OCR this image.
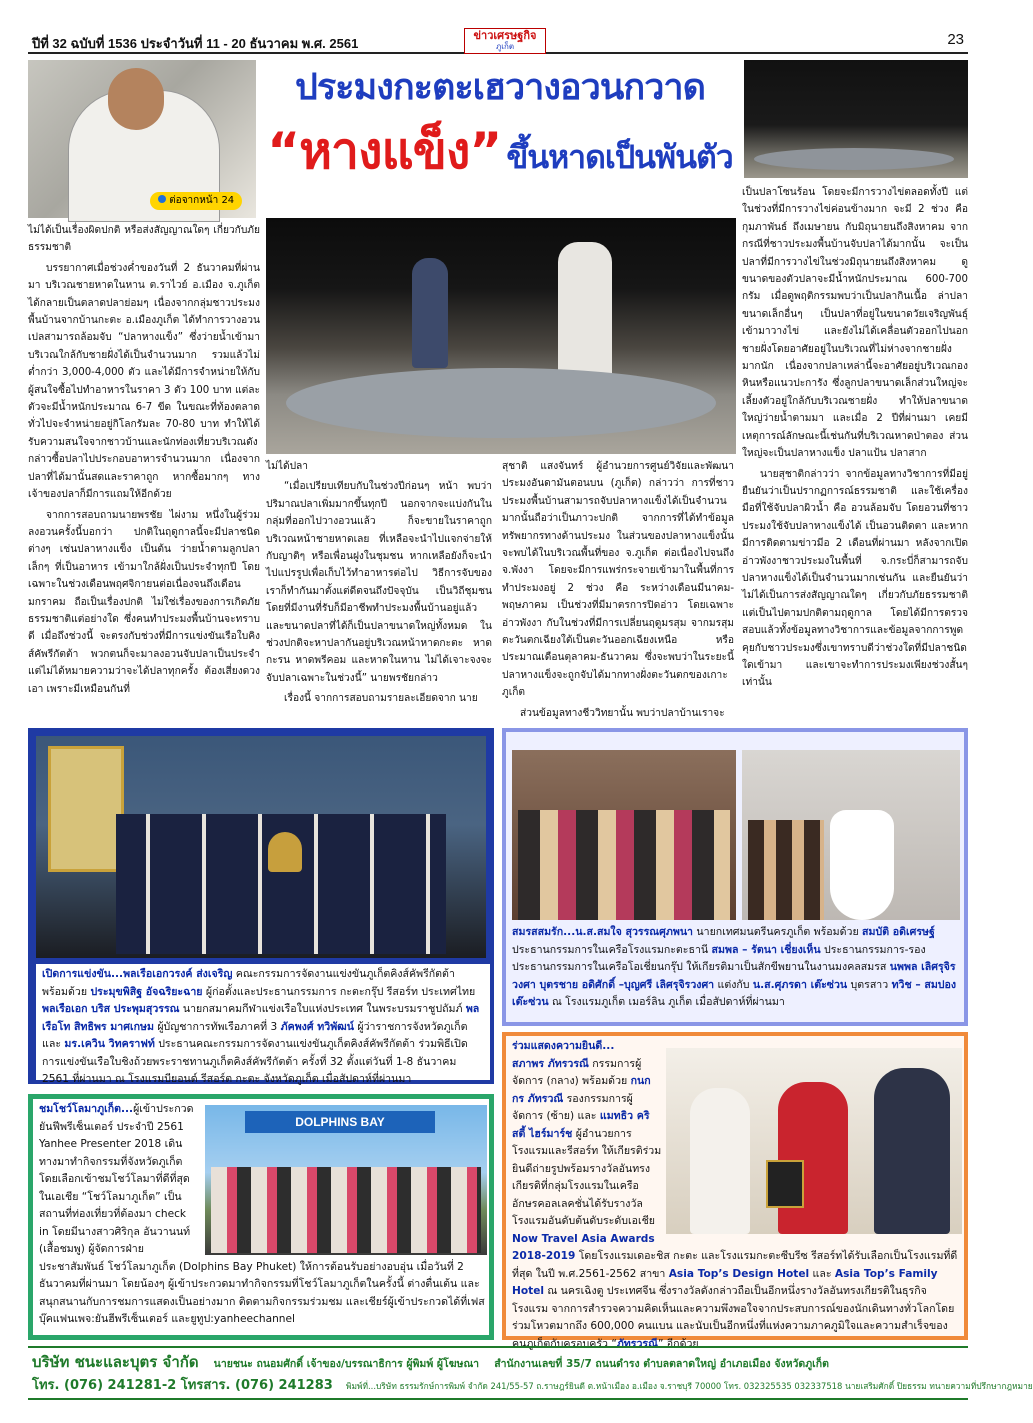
ปีที่ 32 ฉบับที่ 1536 ประจำวันที่ 11 - 20 ธันวาคม พ.ศ. 2561
ข่าวเศรษฐกิจ
ภูเก็ต	23
ต่อจากหน้า 24
ประมงกะตะเฮวางอวนกวาด
“หางแข็ง” ขึ้นหาดเป็นพันตัว

ไม่ได้เป็นเรื่องผิดปกติ หรือส่งสัญญาณใดๆ เกี่ยวกับภัยธรรมชาติ

บรรยากาศเมื่อช่วงค่ำของวันที่ 2 ธันวาคมที่ผ่านมา บริเวณชายหาดในหาน ต.ราไวย์ อ.เมือง จ.ภูเก็ต ได้กลายเป็นตลาดปลาย่อมๆ เนื่องจากกลุ่มชาวประมงพื้นบ้านจากบ้านกะตะ อ.เมืองภูเก็ต ได้ทำการวางอวนเปลสามารถล้อมจับ “ปลาหางแข็ง” ซึ่งว่ายน้ำเข้ามาบริเวณใกล้กับชายฝั่งได้เป็นจำนวนมาก รวมแล้วไม่ต่ำกว่า 3,000-4,000 ตัว และได้มีการจำหน่ายให้กับผู้สนใจซื้อไปทำอาหารในราคา 3 ตัว 100 บาท แต่ละตัวจะมีน้ำหนักประมาณ 6-7 ขีด ในขณะที่ท้องตลาดทั่วไปจะจำหน่ายอยู่กิโลกรัมละ 70-80 บาท ทำให้ได้รับความสนใจจากชาวบ้านและนักท่องเที่ยวบริเวณดังกล่าวซื้อปลาไปประกอบอาหารจำนวนมาก เนื่องจากปลาที่ได้มานั้นสดและราคาถูก หากซื้อมากๆ ทางเจ้าของปลาก็มีการแถมให้อีกด้วย

จากการสอบถามนายพรชัย ไผ่งาม หนึ่งในผู้ร่วมลงอวนครั้งนี้บอกว่า ปกติในฤดูกาลนี้จะมีปลาชนิดต่างๆ เช่นปลาหางแข็ง เป็นต้น ว่ายน้ำตามลูกปลาเล็กๆ ที่เป็นอาหาร เข้ามาใกล้ฝั่งเป็นประจำทุกปี โดยเฉพาะในช่วงเดือนพฤศจิกายนต่อเนื่องจนถึงเดือนมกราคม ถือเป็นเรื่องปกติ ไม่ใช่เรื่องของการเกิดภัยธรรมชาติแต่อย่างใด ซึ่งคนทำประมงพื้นบ้านจะทราบดี เมื่อถึงช่วงนี้ จะตรงกับช่วงที่มีการแข่งขันเรือใบคิงส์คัพรีกัตต้า พวกตนก็จะมาลงอวนจับปลาเป็นประจำ แต่ไม่ได้หมายความว่าจะได้ปลาทุกครั้ง ต้องเสี่ยงดวงเอา เพราะมีเหมือนกันที่

ไม่ได้ปลา

“เมื่อเปรียบเทียบกับในช่วงปีก่อนๆ หน้า พบว่าปริมาณปลาเพิ่มมากขึ้นทุกปี นอกจากจะแบ่งกันในกลุ่มที่ออกไปวางอวนแล้ว ก็จะขายในราคาถูกบริเวณหน้าชายหาดเลย ที่เหลือจะนำไปแจกจ่ายให้กับญาติๆ หรือเพื่อนฝูงในชุมชน หากเหลือยังก็จะนำไปแปรรูปเพื่อเก็บไว้ทำอาหารต่อไป วิธีการจับของเราก็ทำกันมาตั้งแต่ดีตจนถึงปัจจุบัน เป็นวิถีชุมชน โดยที่มีงานที่รับก็มีอาชีพทำประมงพื้นบ้านอยู่แล้ว และขนาดปลาที่ได้ก็เป็นปลาขนาดใหญ่ทั้งหมด ในช่วงปกติจะหาปลากันอยู่บริเวณหน้าหาดกะตะ หาดกะรน หาดพรีคอม และหาดในหาน ไม่ได้เจาะจงจะจับปลาเฉพาะในช่วงนี้” นายพรชัยกล่าว

เรื่องนี้ จากการสอบถามรายละเอียดจาก นาย

สุชาติ แสงจันทร์ ผู้อำนวยการศูนย์วิจัยและพัฒนาประมงอันดามันตอนบน (ภูเก็ต) กล่าวว่า การที่ชาวประมงพื้นบ้านสามารถจับปลาหางแข็งได้เป็นจำนวนมากนั้นถือว่าเป็นภาวะปกติ จากการที่ได้ทำข้อมูลทรัพยากรทางด้านประมง ในส่วนของปลาหางแข็งนั้นจะพบได้ในบริเวณพื้นที่ของ จ.ภูเก็ต ต่อเนื่องไปจนถึง จ.พังงา โดยจะมีการแพร่กระจายเข้ามาในพื้นที่การทำประมงอยู่ 2 ช่วง คือ ระหว่างเดือนมีนาคม-พฤษภาคม เป็นช่วงที่มีมาตรการปิดอ่าว โดยเฉพาะอ่าวพังงา กับในช่วงที่มีการเปลี่ยนฤดูมรสุม จากมรสุมตะวันตกเฉียงใต้เป็นตะวันออกเฉียงเหนือ หรือประมาณเดือนตุลาคม-ธันวาคม ซึ่งจะพบว่าในระยะนี้ปลาหางแข็งจะถูกจับได้มากทางฝั่งตะวันตกของเกาะภูเก็ต

ส่วนข้อมูลทางชีววิทยานั้น พบว่าปลาบ้านเราจะ

เป็นปลาโซนร้อน โดยจะมีการวางไข่ตลอดทั้งปี แต่ในช่วงที่มีการวางไข่ค่อนข้างมาก จะมี 2 ช่วง คือ กุมภาพันธ์ ถึงเมษายน กับมิถุนายนถึงสิงหาคม จากกรณีที่ชาวประมงพื้นบ้านจับปลาได้มากนั้น จะเป็นปลาที่มีการวางไข่ในช่วงมิถุนายนถึงสิงหาคม ดูขนาดของตัวปลาจะมีน้ำหนักประมาณ 600-700 กรัม เมื่อดูพฤติกรรมพบว่าเป็นปลากินเนื้อ ล่าปลาขนาดเล็กอื่นๆ เป็นปลาที่อยู่ในขนาดวัยเจริญพันธุ์ เข้ามาวางไข่ และยังไม่ได้เคลื่อนตัวออกไปนอกชายฝั่งโดยอาศัยอยู่ในบริเวณที่ไม่ห่างจากชายฝั่งมากนัก เนื่องจากปลาเหล่านี้จะอาศัยอยู่บริเวณกองหินหรือแนวปะการัง ซึ่งลูกปลาขนาดเล็กส่วนใหญ่จะเลี้ยงตัวอยู่ใกล้กับบริเวณชายฝั่ง ทำให้ปลาขนาดใหญ่ว่ายน้ำตามมา และเมื่อ 2 ปีที่ผ่านมา เคยมีเหตุการณ์ลักษณะนี้เช่นกันที่บริเวณหาดป่าตอง ส่วนใหญ่จะเป็นปลาหางแข็ง ปลาแป้น ปลาสาก

นายสุชาติกล่าวว่า จากข้อมูลทางวิชาการที่มีอยู่ยืนยันว่าเป็นปรากฏการณ์ธรรมชาติ และใช้เครื่องมือที่ใช้จับปลาผิวน้ำ คือ อวนล้อมจับ โดยอวนที่ชาวประมงใช้จับปลาหางแข็งได้ เป็นอวนติดตา และหากมีการติดตามข่าวมีอ 2 เดือนที่ผ่านมา หลังจากเปิดอ่าวพังงาชาวประมงในพื้นที่ จ.กระบี่ก็สามารถจับปลาหางแข็งได้เป็นจำนวนมากเช่นกัน และยืนยันว่า ไม่ได้เป็นการส่งสัญญาณใดๆ เกี่ยวกับภัยธรรมชาติ แต่เป็นไปตามปกติตามฤดูกาล โดยได้มีการตรวจสอบแล้วทั้งข้อมูลทางวิชาการและข้อมูลจากการพูดคุยกับชาวประมงซึ่งเขาทราบดีว่าช่วงใดที่มีปลาชนิดใดเข้ามา และเขาจะทำการประมงเพียงช่วงสั้นๆ เท่านั้น

เปิดการแข่งขัน...พลเรือเอกวรงค์ ส่งเจริญ คณะกรรมการจัดงานแข่งขันภูเก็ตคิงส์คัพรีกัตต้า พร้อมด้วย ประมุขพิสิฐ อัจฉริยะฉาย ผู้ก่อตั้งและประธานกรรมการ กะตะกรุ๊ป รีสอร์ท ประเทศไทย พลเรือเอก บริส ประพุมสุวรรณ นายกสมาคมกีฬาแข่งเรือใบแห่งประเทศ ในพระบรมราชูปถัมภ์ พลเรือโท สิทธิพร มาศเกษม ผู้บัญชาการทัพเรือภาคที่ 3 ภัคพงศ์ ทวิพัฒน์ ผู้ว่าราชการจังหวัดภูเก็ต และ มร.เควิน วิทคราฟท์ ประธานคณะกรรมการจัดงานแข่งขันภูเก็ตคิงส์คัพรีกัตต้า ร่วมพิธีเปิดการแข่งขันเรือใบชิงถ้วยพระราชทานภูเก็ตคิงส์คัพรีกัตต้า ครั้งที่ 32 ตั้งแต่วันที่ 1-8 ธันวาคม 2561 ที่ผ่านมา ณ โรงแรมบียอนด์ รีสอร์ต กะตะ จังหวัดภูเก็ต เมื่อสัปดาห์ที่ผ่านมา

สมรสสมรัก...น.ส.สมใจ สุวรรณศุภพนา นายกเทศมนตรีนครภูเก็ต พร้อมด้วย สมบัติ อดิเศรษฐ์ ประธานกรรมการในเครือโรงแรมกะตะธานี สมพล – รัตนา เชี่ยงเห็น ประธานกรรมการ-รองประธานกรรมการในเครือโอเชี่ยนกรุ๊ป ให้เกียรติมาเป็นสักขีพยานในงานมงคลสมรส นพพล เลิศรุจิรวงศา บุตรชาย อดิศักดิ์ –บุญศรี เลิศรุจิรวงศา แต่งกับ น.ส.ศุภรดา เต๊ะซ่วน บุตรสาว ทวิช – สมปอง เต๊ะซ่วน ณ โรงแรมภูเก็ต เมอร์ลิน ภูเก็ต เมื่อสัปดาห์ที่ผ่านมา

DOLPHINS BAY

ชมโชว์โลมาภูเก็ต...ผู้เข้าประกวดยันฟีพรีเซ็นเตอร์ ประจำปี 2561 Yanhee Presenter 2018 เดินทางมาทำกิจกรรมที่จังหวัดภูเก็ต โดยเลือกเข้าชมโชว์โลมาที่ดีที่สุดในเอเชีย “โชว์โลมาภูเก็ต” เป็นสถานที่ท่องเที่ยวที่ต้องมา check in โดยมีนางสาวศิริกุล อันวานนท์ (เสื้อชมพู) ผู้จัดการฝ่ายประชาสัมพันธ์ โชว์โลมาภูเก็ต (Dolphins Bay Phuket) ให้การต้อนรับอย่างอบอุ่น เมื่อวันที่ 2 ธันวาคมที่ผ่านมา โดยน้องๆ ผู้เข้าประกวดมาทำกิจกรรมที่โชว์โลมาภูเก็ตในครั้งนี้ ต่างตื่นเต้น และสนุกสนานกับการชมการแสดงเป็นอย่างมาก ติดตามกิจกรรมร่วมชม และเชียร์ผู้เข้าประกวดได้ที่เฟสบุ๊คแฟนเพจ:ยันฮีพรีเซ็นเตอร์ และยูทูป:yanheechannel

ร่วมแสดงความยินดี...
สภาพร ภัทรวรณี กรรมการผู้จัดการ (กลาง) พร้อมด้วย กนกกร ภัทรวณี รองกรรมการผู้จัดการ (ซ้าย) และ แมทธิว คริสตี้ ไฮร์มาร์ช ผู้อำนวยการโรงแรมและรีสอร์ท ให้เกียรติร่วมยินดีถ่ายรูปพร้อมรางวัลอันทรงเกียรติที่กลุ่มโรงแรมในเครืออักษรคอลเลคชั่นได้รับรางวัลโรงแรมอันดับต้นดับระดับเอเชีย Now Travel Asia Awards 2018-2019 โดยโรงแรมเดอะชิส กะตะ และโรงแรมกะตะซีบรีซ รีสอร์ทได้รับเลือกเป็นโรงแรมที่ดีที่สุด ในปี พ.ศ.2561-2562 สาขา Asia Top’s Design Hotel และ Asia Top’s Family Hotel ณ นครเฉิงตู ประเทศจีน ซึ่งรางวัลดังกล่าวถือเป็นอีกหนึ่งรางวัลอันทรงเกียรติในธุรกิจโรงแรม จากการสำรวจความคิดเห็นและความพึงพอใจจากประสบการณ์ของนักเดินทางทั่วโลกโดยร่วมโหวตมากถึง 600,000 คนแบน และนับเป็นอีกหนึ่งที่แห่งความภาคภูมิใจและความสำเร็จของคนภูเก็ตกับครอบครัว “ภัทรวรณี” อีกด้วย

บริษัท ชนะและบุตร จำกัด นายชนะ ถนอมศักดิ์ เจ้าของ/บรรณาธิการ ผู้พิมพ์ ผู้โฆษณา สำนักงานเลขที่ 35/7 ถนนดำรง ตำบลตลาดใหญ่ อำเภอเมือง จังหวัดภูเก็ต
โทร. (076) 241281-2 โทรสาร. (076) 241283 พิมพ์ที่...บริษัท ธรรมรักษ์การพิมพ์ จำกัด 241/55-57 ถ.ราษฎร์ยินดี ต.หน้าเมือง อ.เมือง จ.ราชบุรี 70000 โทร. 032325535 032337518 นายเสริมศักดิ์ ปิยธรรม ทนายความที่ปรึกษากฎหมาย
